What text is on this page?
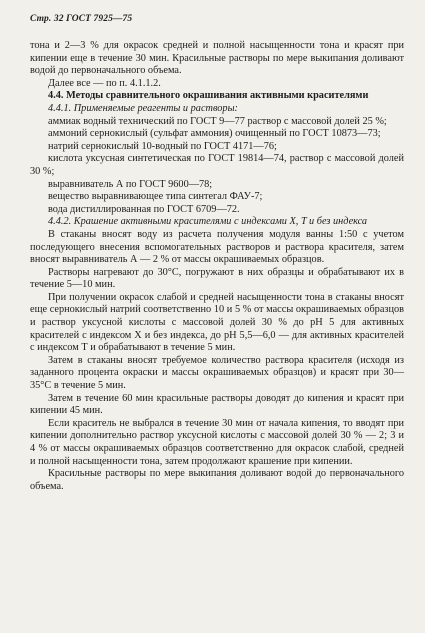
Стр. 32 ГОСТ 7925—75

тона и 2—3 % для окрасок средней и полной насыщенности тона и красят при кипении еще в течение 30 мин. Красильные растворы по мере выкипания доливают водой до первоначального объема.

Далее все — по п. 4.1.1.2.

4.4. Методы сравнительного окрашивания активными красителями

4.4.1. Применяемые реагенты и растворы:

аммиак водный технический по ГОСТ 9—77 раствор с массовой долей 25 %;

аммоний сернокислый (сульфат аммония) очищенный по ГОСТ 10873—73;

натрий сернокислый 10-водный по ГОСТ 4171—76;

кислота уксусная синтетическая по ГОСТ 19814—74, раствор с массовой долей 30 %;

выравниватель А по ГОСТ 9600—78;

вещество выравнивающее типа синтегал ФАУ-7;

вода дистиллированная по ГОСТ 6709—72.

4.4.2. Крашение активными красителями с индексами X, T и без индекса

В стаканы вносят воду из расчета получения модуля ванны 1:50 с учетом последующего внесения вспомогательных растворов и раствора красителя, затем вносят выравниватель А — 2 % от массы окрашиваемых образцов.

Растворы нагревают до 30°С, погружают в них образцы и обрабатывают их в течение 5—10 мин.

При получении окрасок слабой и средней насыщенности тона в стаканы вносят еще сернокислый натрий соответственно 10 и 5 % от массы окрашиваемых образцов и раствор уксусной кислоты с массовой долей 30 % до рН 5 для активных красителей с индексом X и без индекса, до рН 5,5—6,0 — для активных красителей с индексом Т и обрабатывают в течение 5 мин.

Затем в стаканы вносят требуемое количество раствора красителя (исходя из заданного процента окраски и массы окрашиваемых образцов) и красят при 30—35°С в течение 5 мин.

Затем в течение 60 мин красильные растворы доводят до кипения и красят при кипении 45 мин.

Если краситель не выбрался в течение 30 мин от начала кипения, то вводят при кипении дополнительно раствор уксусной кислоты с массовой долей 30 % — 2; 3 и 4 % от массы окрашиваемых образцов соответственно для окрасок слабой, средней и полной насыщенности тона, затем продолжают крашение при кипении.

Красильные растворы по мере выкипания доливают водой до первоначального объема.
